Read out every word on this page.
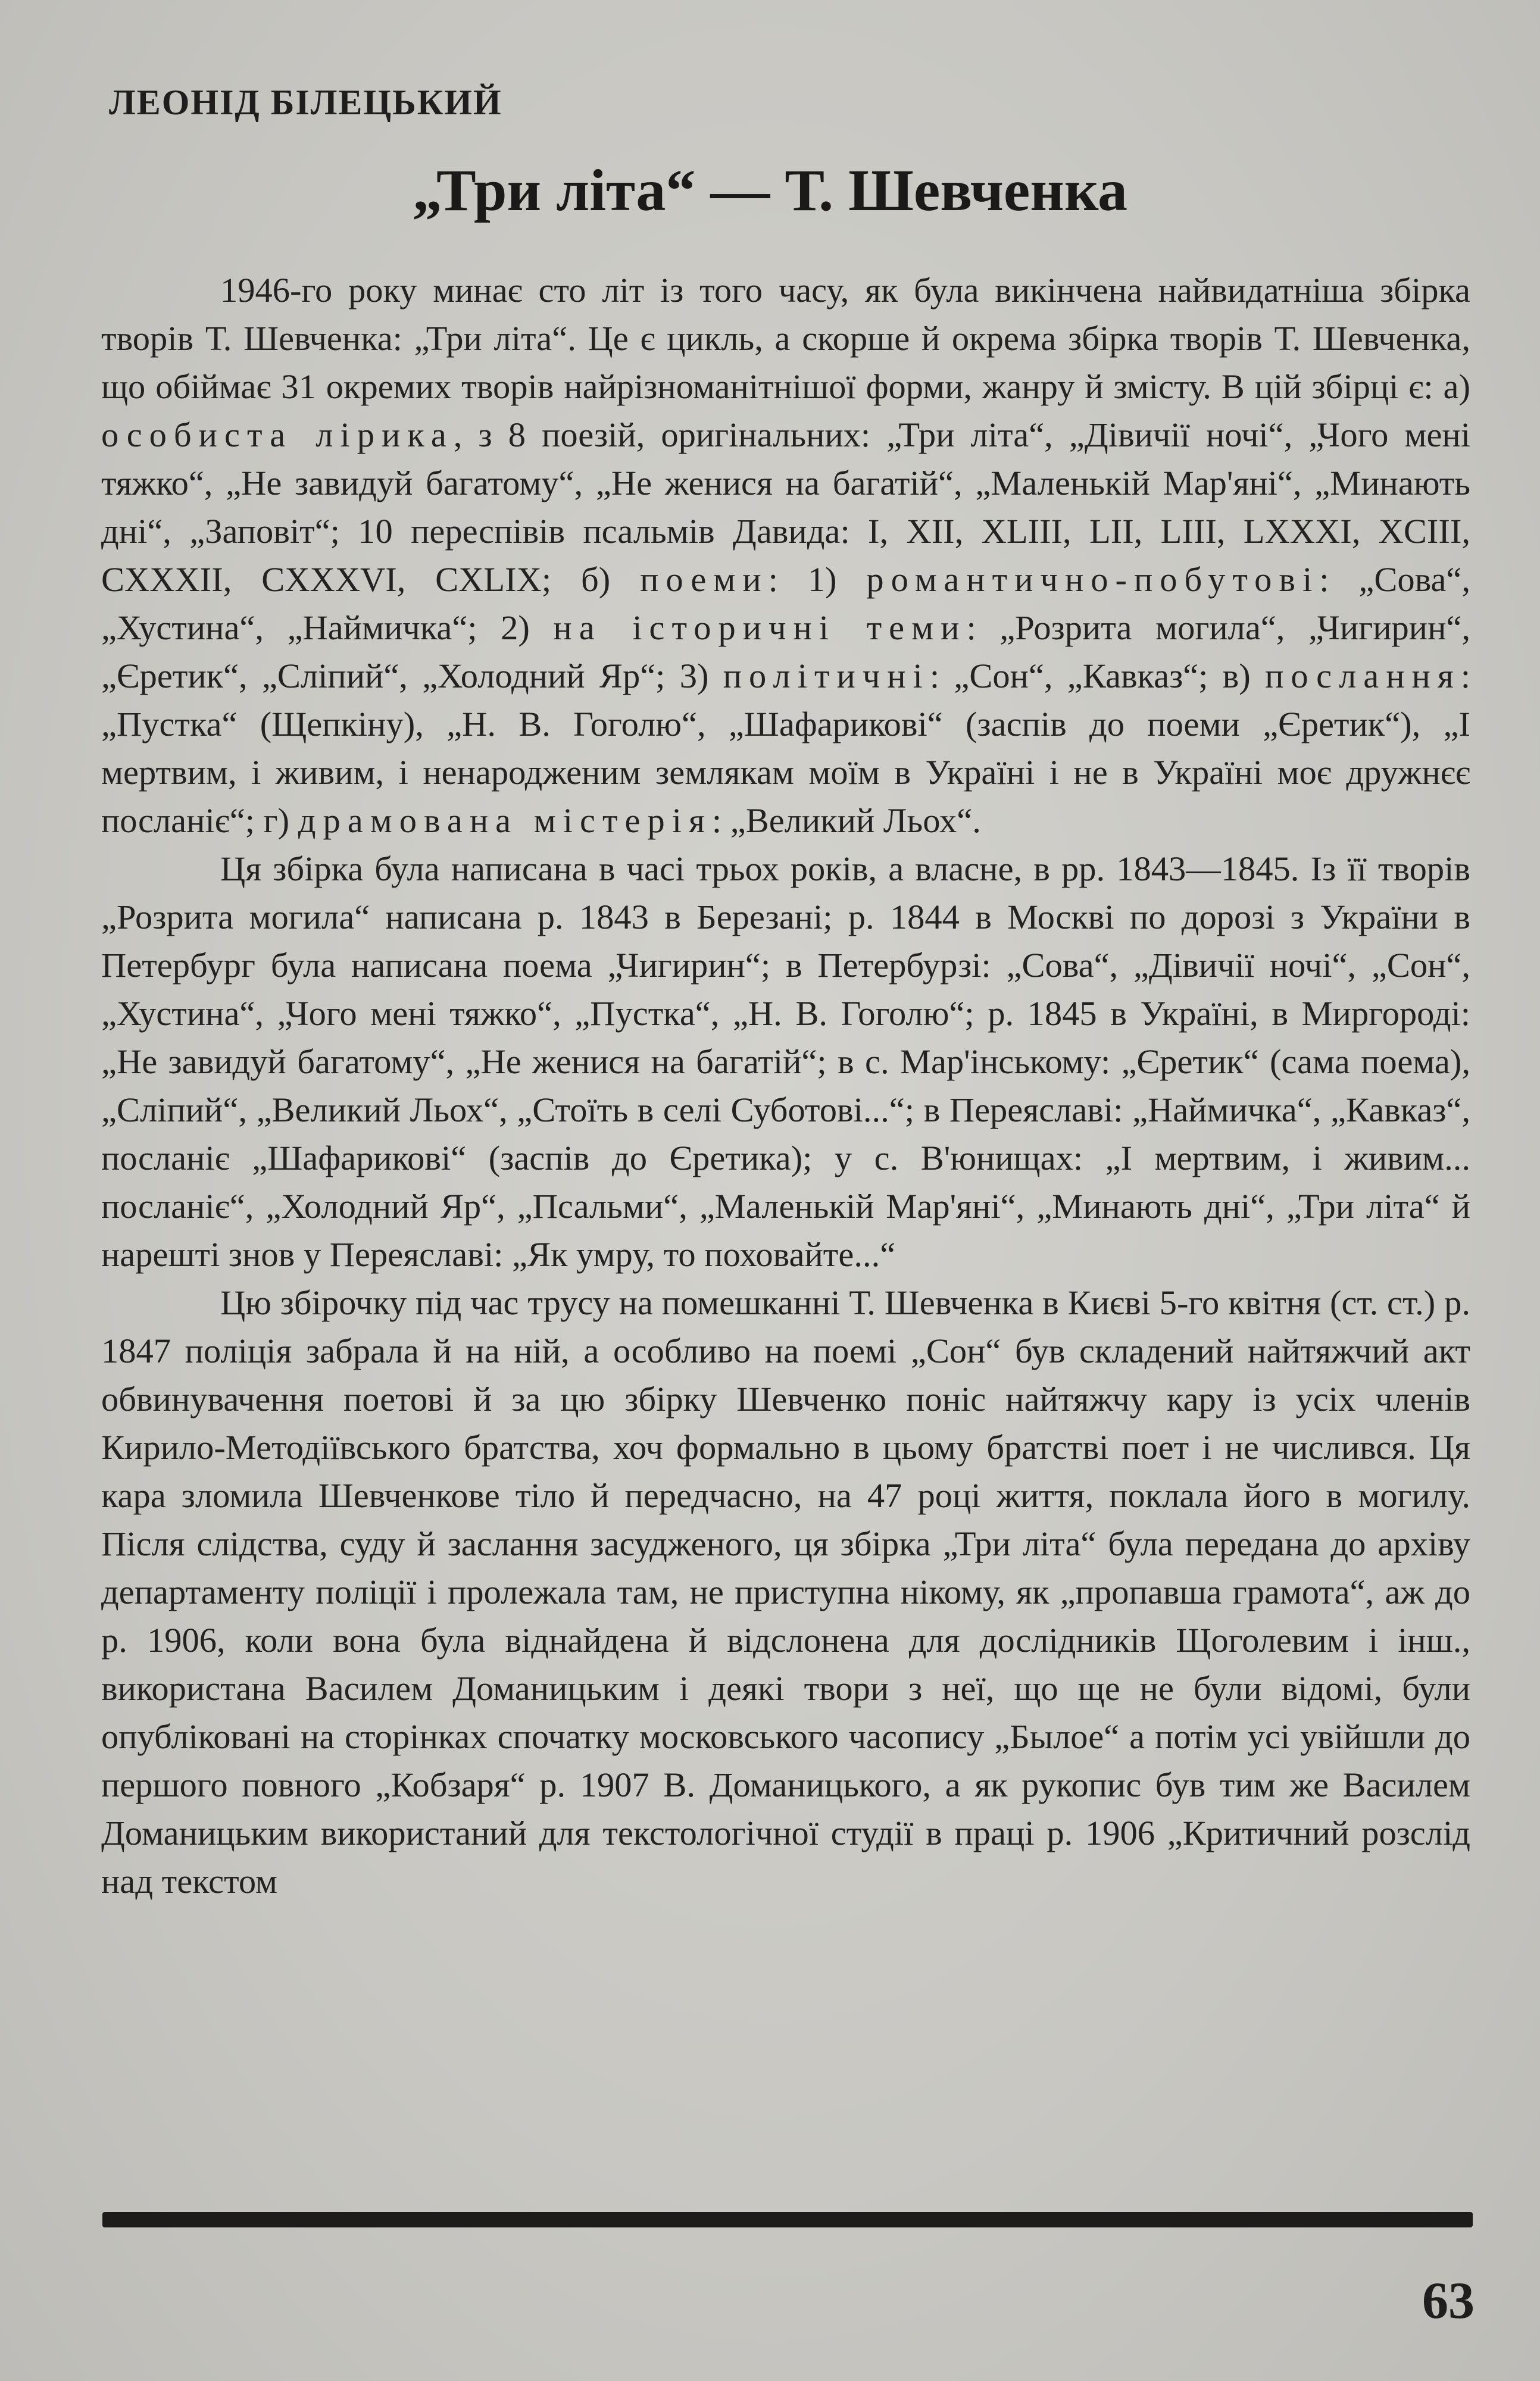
ЛЕОНІД БІЛЕЦЬКИЙ
„Три літа“ — Т. Шевченка

1946-го року минає сто літ із того часу, як була викінчена найвидатніша збірка творів Т. Шевченка: „Три літа“. Це є цикль, а скорше й окрема збірка творів Т. Шевченка, що обіймає 31 окремих творів найрізноманітнішої форми, жанру й змісту. В цій збірці є: а) особиста лірика, з 8 поезій, оригінальних: „Три літа“, „Дівичії ночі“, „Чого мені тяжко“, „Не завидуй багатому“, „Не женися на багатій“, „Маленькій Мар'яні“, „Минають дні“, „Заповіт“; 10 переспівів псальмів Давида: I, XII, XLIII, LII, LIII, LXXXI, XCIII, CXXXII, CXXXVI, CXLIX; б) поеми: 1) романтично-побутові: „Сова“, „Хустина“, „Наймичка“; 2) на історичні теми: „Розрита могила“, „Чигирин“, „Єретик“, „Сліпий“, „Холодний Яр“; 3) політичні: „Сон“, „Кавказ“; в) послання: „Пустка“ (Щепкіну), „Н. В. Гоголю“, „Шафарикові“ (заспів до поеми „Єретик“), „І мертвим, і живим, і ненародженим землякам моїм в Україні і не в Україні моє дружнєє посланіє“; г) драмована містерія: „Великий Льох“.

Ця збірка була написана в часі трьох років, а власне, в рр. 1843—1845. Із її творів „Розрита могила“ написана р. 1843 в Березані; р. 1844 в Москві по дорозі з України в Петербург була написана поема „Чигирин“; в Петербурзі: „Сова“, „Дівичії ночі“, „Сон“, „Хустина“, „Чого мені тяжко“, „Пустка“, „Н. В. Гоголю“; р. 1845 в Україні, в Миргороді: „Не завидуй багатому“, „Не женися на багатій“; в с. Мар'інському: „Єретик“ (сама поема), „Сліпий“, „Великий Льох“, „Стоїть в селі Суботові...“; в Переяславі: „Наймичка“, „Кавказ“, посланіє „Шафарикові“ (заспів до Єретика); у с. В'юнищах: „І мертвим, і живим... посланіє“, „Холодний Яр“, „Псальми“, „Маленькій Мар'яні“, „Минають дні“, „Три літа“ й нарешті знов у Переяславі: „Як умру, то поховайте...“

Цю збірочку під час трусу на помешканні Т. Шевченка в Києві 5-го квітня (ст. ст.) р. 1847 поліція забрала й на ній, а особливо на поемі „Сон“ був складений найтяжчий акт обвинувачення поетові й за цю збірку Шевченко поніс найтяжчу кару із усіх членів Кирило-Методіївського братства, хоч формально в цьому братстві поет і не числився. Ця кара зломила Шевченкове тіло й передчасно, на 47 році життя, поклала його в могилу. Після слідства, суду й заслання засудженого, ця збірка „Три літа“ була передана до архіву департаменту поліції і пролежала там, не приступна нікому, як „пропавша грамота“, аж до р. 1906, коли вона була віднайдена й відслонена для дослідників Щоголевим і інш., використана Василем Доманицьким і деякі твори з неї, що ще не були відомі, були опубліковані на сторінках спочатку московського часопису „Былое“ а потім усі увійшли до першого повного „Кобзаря“ р. 1907 В. Доманицького, а як рукопис був тим же Василем Доманицьким використаний для текстологічної студії в праці р. 1906 „Критичний розслід над текстом

63
